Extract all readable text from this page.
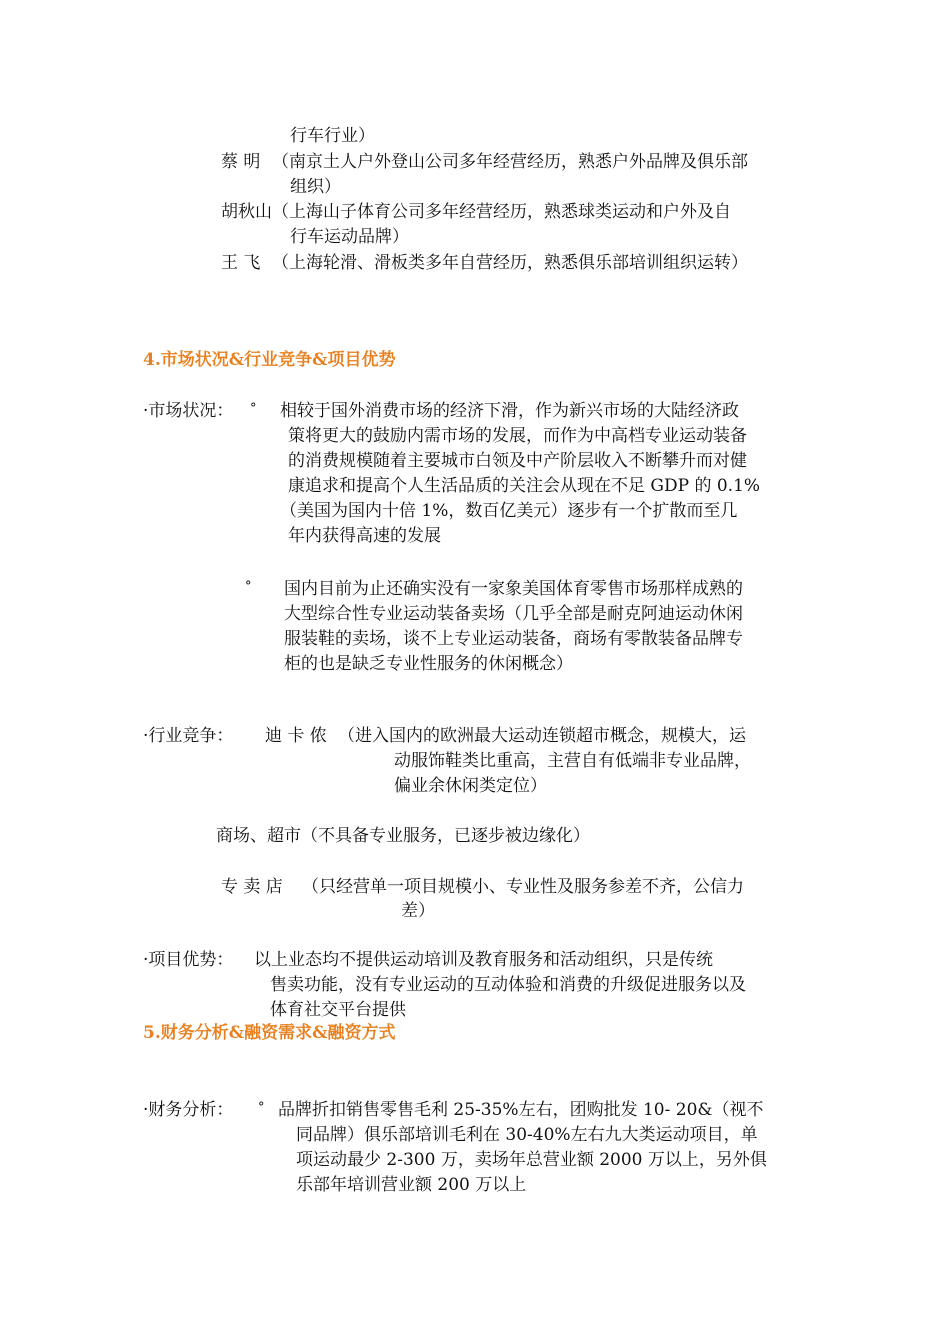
行车行业）
蔡 明 （南京土人户外登山公司多年经营经历，熟悉户外品牌及俱乐部
组织）
胡秋山 （上海山子体育公司多年经营经历，熟悉球类运动和户外及自
行车运动品牌）
王 飞 （上海轮滑、滑板类多年自营经历，熟悉俱乐部培训组织运转）
4.市场状况&行业竞争&项目优势
·市场状况： ° 相较于国外消费市场的经济下滑，作为新兴市场的大陆经济政
策将更大的鼓励内需市场的发展，而作为中高档专业运动装备
的消费规模随着主要城市白领及中产阶层收入不断攀升而对健
康追求和提高个人生活品质的关注会从现在不足 GDP 的 0.1%
（美国为国内十倍 1%，数百亿美元）逐步有一个扩散而至几
年内获得高速的发展
° 国内目前为止还确实没有一家象美国体育零售市场那样成熟的
大型综合性专业运动装备卖场（几乎全部是耐克阿迪运动休闲
服装鞋的卖场，谈不上专业运动装备，商场有零散装备品牌专
柜的也是缺乏专业性服务的休闲概念）
·行业竞争： 迪 卡 侬 （进入国内的欧洲最大运动连锁超市概念，规模大，运
动服饰鞋类比重高，主营自有低端非专业品牌，
偏业余休闲类定位）
商场、超市（不具备专业服务，已逐步被边缘化）
专 卖 店 （只经营单一项目规模小、专业性及服务参差不齐，公信力
差）
·项目优势： 以上业态均不提供运动培训及教育服务和活动组织，只是传统
售卖功能，没有专业运动的互动体验和消费的升级促进服务以及
体育社交平台提供
5.财务分析&融资需求&融资方式
·财务分析： ° 品牌折扣销售零售毛利 25-35%左右，团购批发 10- 20&（视不
同品牌）俱乐部培训毛利在 30-40%左右九大类运动项目，单
项运动最少 2-300 万，卖场年总营业额 2000 万以上，另外俱
乐部年培训营业额 200 万以上
